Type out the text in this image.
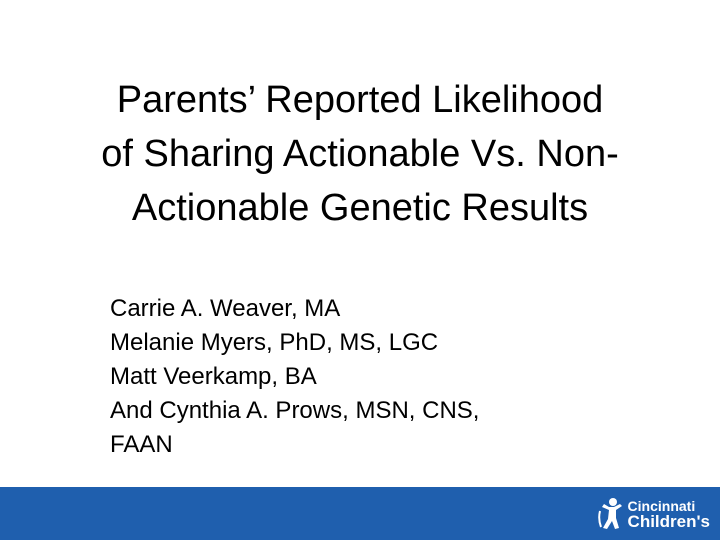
Parents’ Reported Likelihood
of Sharing Actionable Vs. Non-
Actionable Genetic Results
Carrie A. Weaver, MA
Melanie Myers, PhD, MS, LGC
Matt Veerkamp, BA
And Cynthia A. Prows, MSN, CNS,
FAAN
Cincinnati
Children's
